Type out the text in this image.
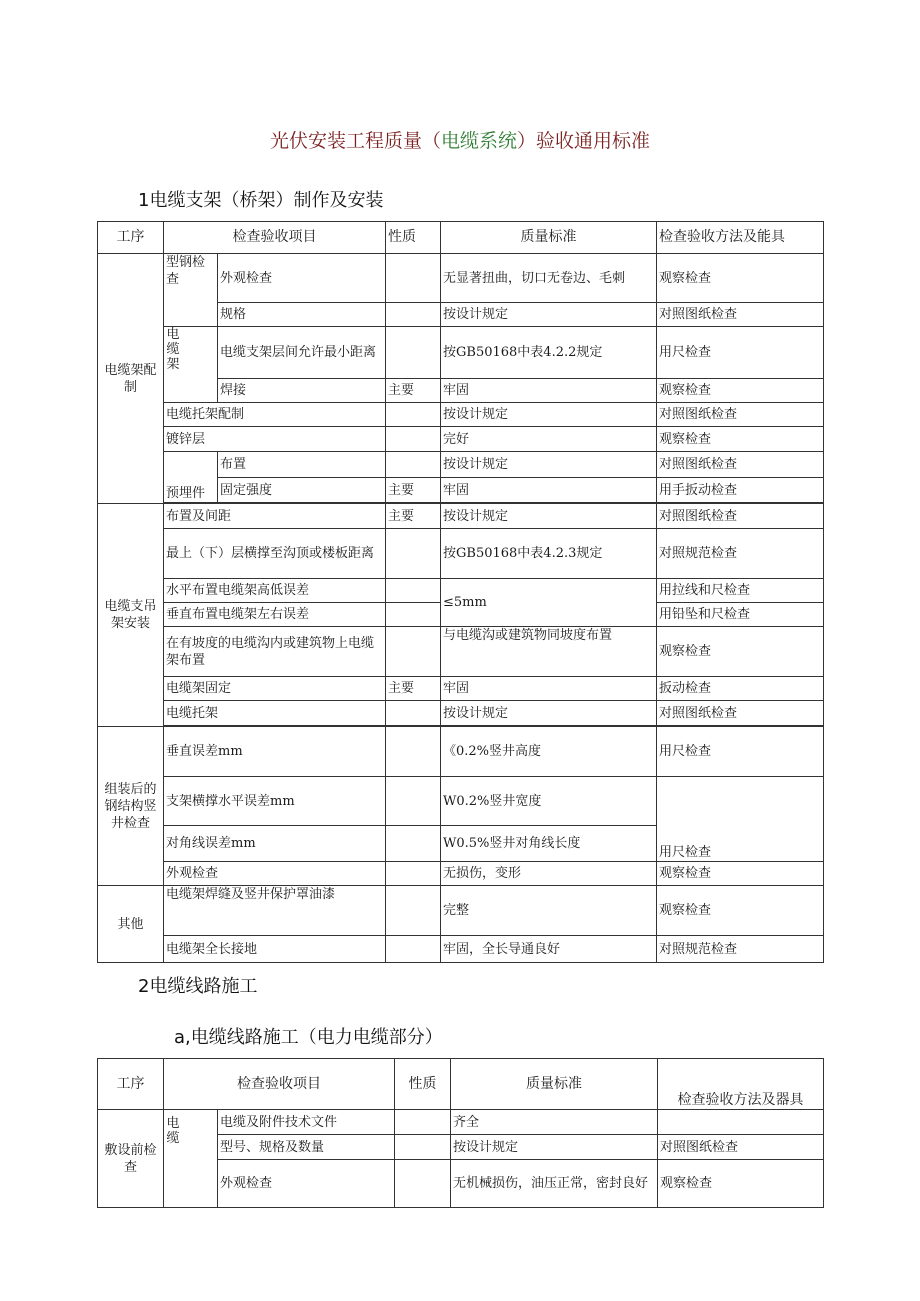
光伏安装工程质量（电缆系统）验收通用标准
1电缆支架（桥架）制作及安装
工序	检查验收项目		性质	质量标准	检查验收方法及能具
电缆架配制	型钢检查	外观检查		无显著扭曲，切口无卷边、毛刺	观察检查
		规格		按设计规定	对照图纸检查
	电缆架	电缆支架层间允许最小距离		按GB50168中表4.2.2规定	用尺检查
		焊接	主要	牢固	观察检查
	电缆托架配制			按设计规定	对照图纸检查
	镀锌层			完好	观察检查
	预埋件	布置		按设计规定	对照图纸检查
		固定强度	主要	牢固	用手扳动检查

电缆支吊架安装	布置及间距		主要	按设计规定	对照图纸检查
	最上（下）层横撑至沟顶或楼板距离			按GB50168中表4.2.3规定	对照规范检查
	水平布置电缆架高低误差			≤5mm	用拉线和尺检查
	垂直布置电缆架左右误差				用铅坠和尺检查
	在有坡度的电缆沟内或建筑物上电缆架布置			与电缆沟或建筑物同坡度布置	观察检查
	电缆架固定		主要	牢固	扳动检查
	电缆托架			按设计规定	对照图纸检查

组装后的钢结构竖井检查	垂直误差mm			《0.2%竖井高度	用尺检查
	支架横撑水平误差mm			W0.2%竖井宽度	用尺检查
	对角线误差mm			W0.5%竖井对角线长度	
	外观检查			无损伤，变形	观察检查
其他	电缆架焊缝及竖井保护罩油漆			完整	观察检查
	电缆架全长接地			牢固，全长导通良好	对照规范检查
2电缆线路施工
a,电缆线路施工（电力电缆部分）
工序	检查验收项目		性质	质量标准	检查验收方法及器具
敷设前检查	电缆	电缆及附件技术文件		齐全	
		型号、规格及数量		按设计规定	对照图纸检查
		外观检查		无机械损伤，油压正常，密封良好	观察检查
